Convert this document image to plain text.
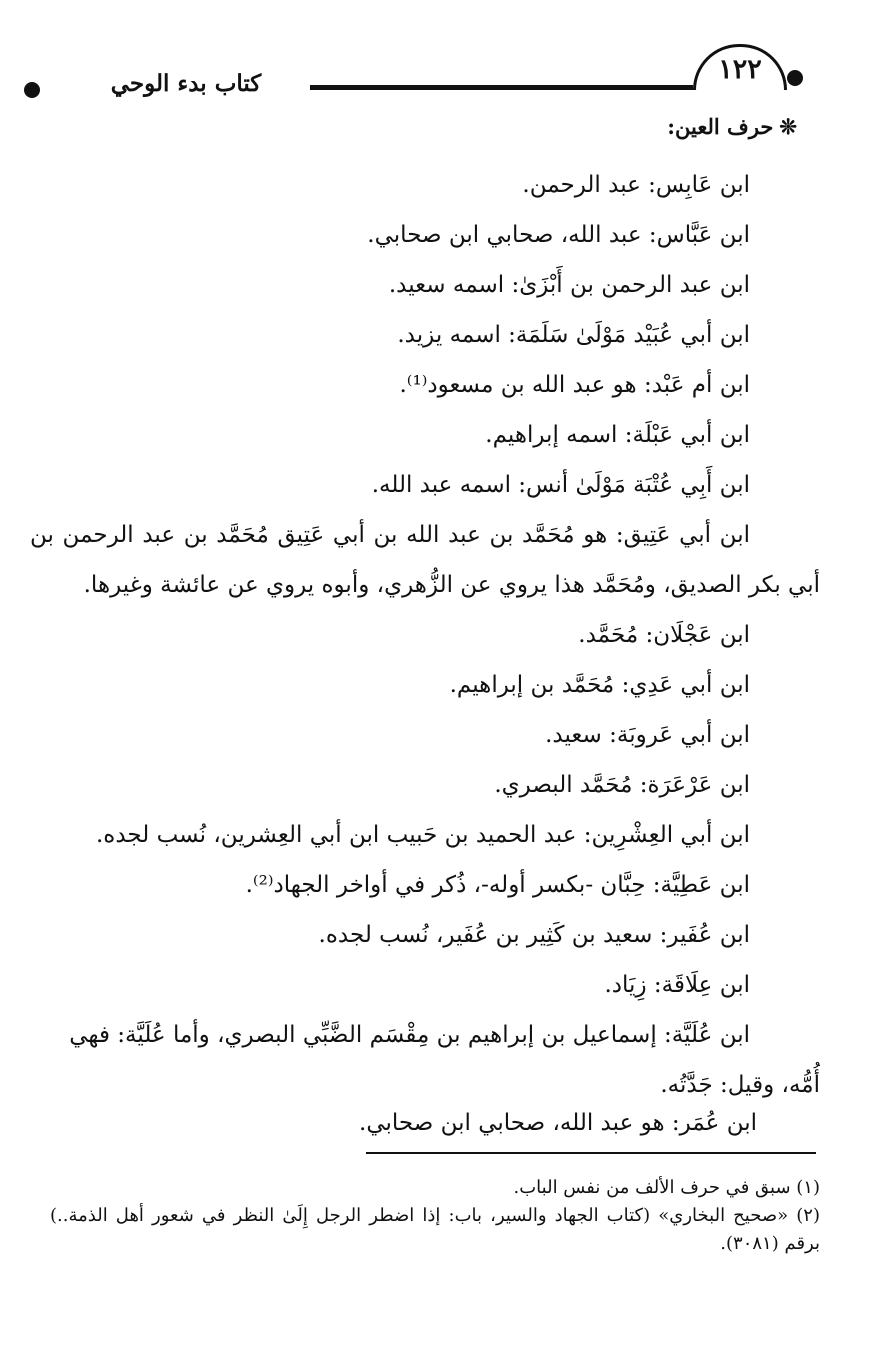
كتاب بدء الوحي	١٢٢
❊حرف العين:

ابن عَابِس: عبد الرحمن.

ابن عَبَّاس: عبد الله، صحابي ابن صحابي.

ابن عبد الرحمن بن أَبْزَىٰ: اسمه سعيد.

ابن أبي عُبَيْد مَوْلَىٰ سَلَمَة: اسمه يزيد.

ابن أم عَبْد: هو عبد الله بن مسعود⁽¹⁾.

ابن أبي عَبْلَة: اسمه إبراهيم.

ابن أَبِي عُتْبَة مَوْلَىٰ أنس: اسمه عبد الله.

ابن أبي عَتِيق: هو مُحَمَّد بن عبد الله بن أبي عَتِيق مُحَمَّد بن عبد الرحمن بن أبي بكر الصديق، ومُحَمَّد هذا يروي عن الزُّهري، وأبوه يروي عن عائشة وغيرها.

ابن عَجْلَان: مُحَمَّد.

ابن أبي عَدِي: مُحَمَّد بن إبراهيم.

ابن أبي عَروبَة: سعيد.

ابن عَرْعَرَة: مُحَمَّد البصري.

ابن أبي العِشْرِين: عبد الحميد بن حَبيب ابن أبي العِشرين، نُسب لجده.

ابن عَطِيَّة: حِبَّان -بكسر أوله-، ذُكر في أواخر الجهاد⁽²⁾.

ابن عُفَير: سعيد بن كَثِير بن عُفَير، نُسب لجده.

ابن عِلَاقَة: زِيَاد.

ابن عُلَيَّة: إسماعيل بن إبراهيم بن مِقْسَم الضَّبِّي البصري، وأما عُلَيَّة: فهي أُمُّه، وقيل: جَدَّتُه.

ابن عُمَر: هو عبد الله، صحابي ابن صحابي.

(١) سبق في حرف الألف من نفس الباب.

(٢) «صحيح البخاري» (كتاب الجهاد والسير، باب: إذا اضطر الرجل إِلَىٰ النظر في شعور أهل الذمة..) برقم (٣٠٨١).
